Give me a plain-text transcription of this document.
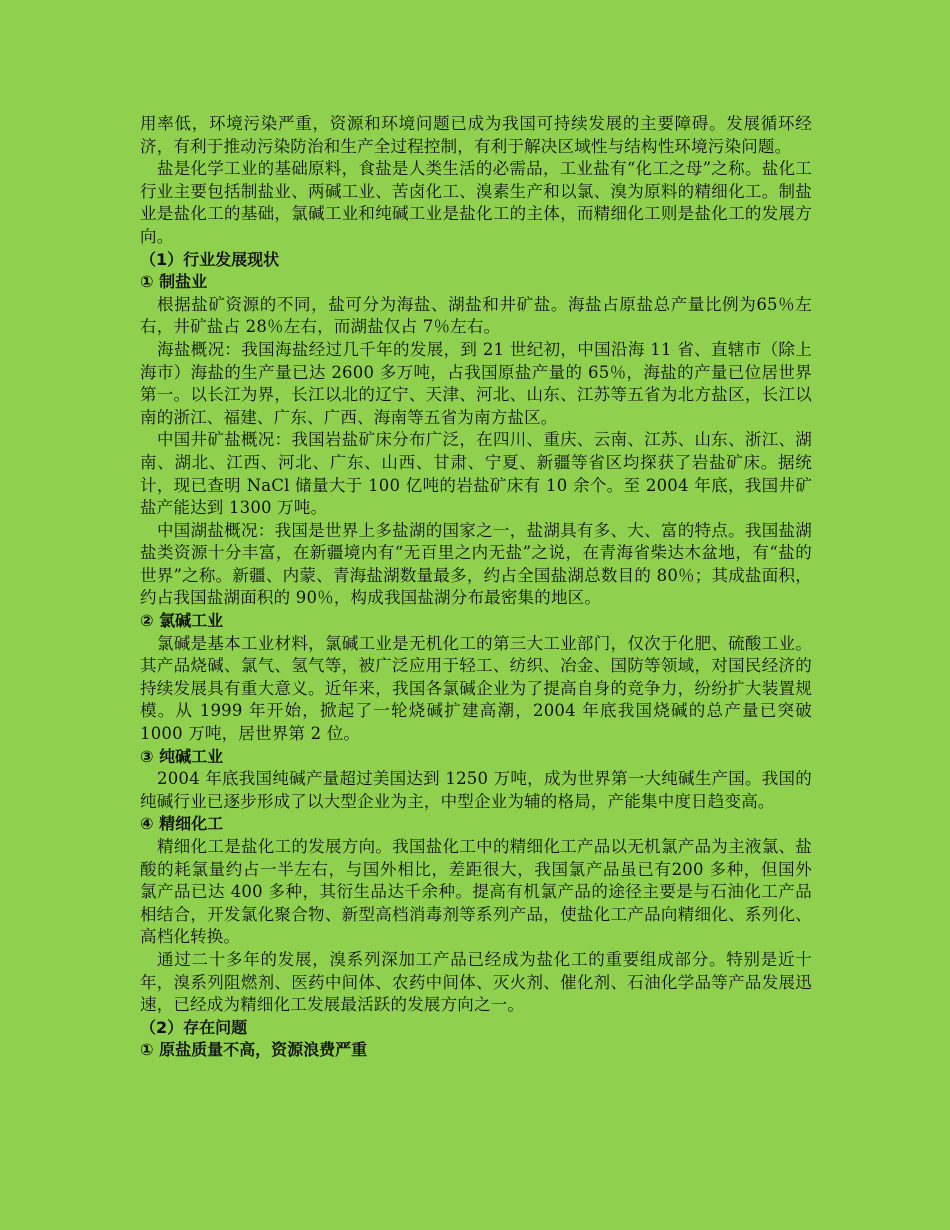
用率低，环境污染严重，资源和环境问题已成为我国可持续发展的主要障碍。发展循环经济，有利于推动污染防治和生产全过程控制，有利于解决区域性与结构性环境污染问题。

盐是化学工业的基础原料，食盐是人类生活的必需品，工业盐有“化工之母”之称。盐化工行业主要包括制盐业、两碱工业、苦卤化工、溴素生产和以氯、溴为原料的精细化工。制盐业是盐化工的基础，氯碱工业和纯碱工业是盐化工的主体，而精细化工则是盐化工的发展方向。

（1）行业发展现状
① 制盐业

根据盐矿资源的不同，盐可分为海盐、湖盐和井矿盐。海盐占原盐总产量比例为65％左右，井矿盐占 28％左右，而湖盐仅占 7％左右。

海盐概况：我国海盐经过几千年的发展，到 21 世纪初，中国沿海 11 省、直辖市（除上海市）海盐的生产量已达 2600 多万吨，占我国原盐产量的 65％，海盐的产量已位居世界第一。以长江为界，长江以北的辽宁、天津、河北、山东、江苏等五省为北方盐区，长江以南的浙江、福建、广东、广西、海南等五省为南方盐区。

中国井矿盐概况：我国岩盐矿床分布广泛，在四川、重庆、云南、江苏、山东、浙江、湖南、湖北、江西、河北、广东、山西、甘肃、宁夏、新疆等省区均探获了岩盐矿床。据统计，现已查明 NaCl 储量大于 100 亿吨的岩盐矿床有 10 余个。至 2004 年底，我国井矿盐产能达到 1300 万吨。

中国湖盐概况：我国是世界上多盐湖的国家之一，盐湖具有多、大、富的特点。我国盐湖盐类资源十分丰富，在新疆境内有“无百里之内无盐”之说，在青海省柴达木盆地，有“盐的世界”之称。新疆、内蒙、青海盐湖数量最多，约占全国盐湖总数目的 80％；其成盐面积，约占我国盐湖面积的 90％，构成我国盐湖分布最密集的地区。

② 氯碱工业

氯碱是基本工业材料，氯碱工业是无机化工的第三大工业部门，仅次于化肥、硫酸工业。其产品烧碱、氯气、氢气等，被广泛应用于轻工、纺织、冶金、国防等领域，对国民经济的持续发展具有重大意义。近年来，我国各氯碱企业为了提高自身的竞争力，纷纷扩大装置规模。从 1999 年开始，掀起了一轮烧碱扩建高潮，2004 年底我国烧碱的总产量已突破 1000 万吨，居世界第 2 位。

③ 纯碱工业

2004 年底我国纯碱产量超过美国达到 1250 万吨，成为世界第一大纯碱生产国。我国的纯碱行业已逐步形成了以大型企业为主，中型企业为辅的格局，产能集中度日趋变高。

④ 精细化工

精细化工是盐化工的发展方向。我国盐化工中的精细化工产品以无机氯产品为主液氯、盐酸的耗氯量约占一半左右，与国外相比，差距很大，我国氯产品虽已有200 多种，但国外氯产品已达 400 多种，其衍生品达千余种。提高有机氯产品的途径主要是与石油化工产品相结合，开发氯化聚合物、新型高档消毒剂等系列产品，使盐化工产品向精细化、系列化、高档化转换。

通过二十多年的发展，溴系列深加工产品已经成为盐化工的重要组成部分。特别是近十年，溴系列阻燃剂、医药中间体、农药中间体、灭火剂、催化剂、石油化学品等产品发展迅速，已经成为精细化工发展最活跃的发展方向之一。

（2）存在问题
① 原盐质量不高，资源浪费严重
